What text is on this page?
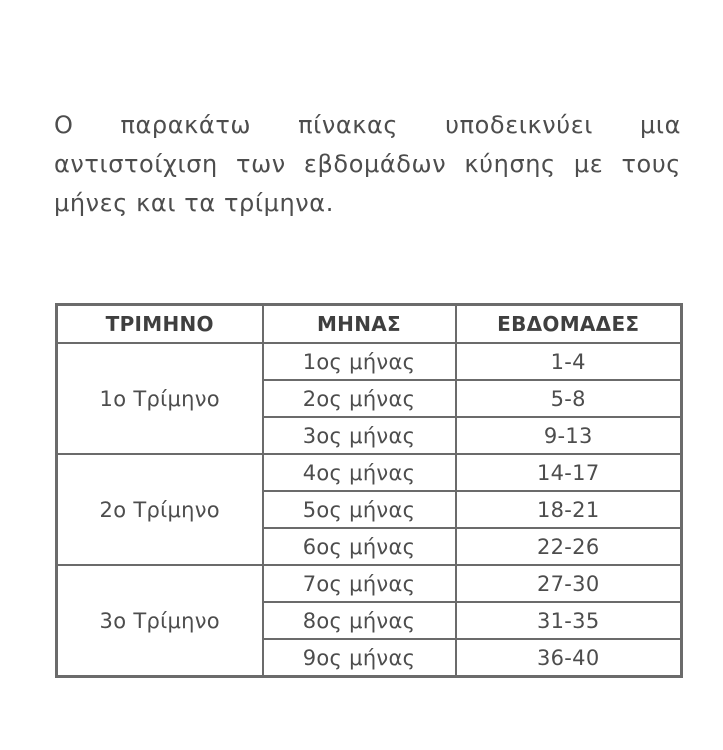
Ο παρακάτω πίνακας υποδεικνύει μια αντιστοίχιση των εβδομάδων κύησης με τους μήνες και τα τρίμηνα.

ΤΡΙΜΗΝΟ	ΜΗΝΑΣ	ΕΒΔΟΜΑΔΕΣ
1ο Τρίμηνο	1ος μήνας	1-4
	2ος μήνας	5-8
	3ος μήνας	9-13
2ο Τρίμηνο	4ος μήνας	14-17
	5ος μήνας	18-21
	6ος μήνας	22-26
3ο Τρίμηνο	7ος μήνας	27-30
	8ος μήνας	31-35
	9ος μήνας	36-40
